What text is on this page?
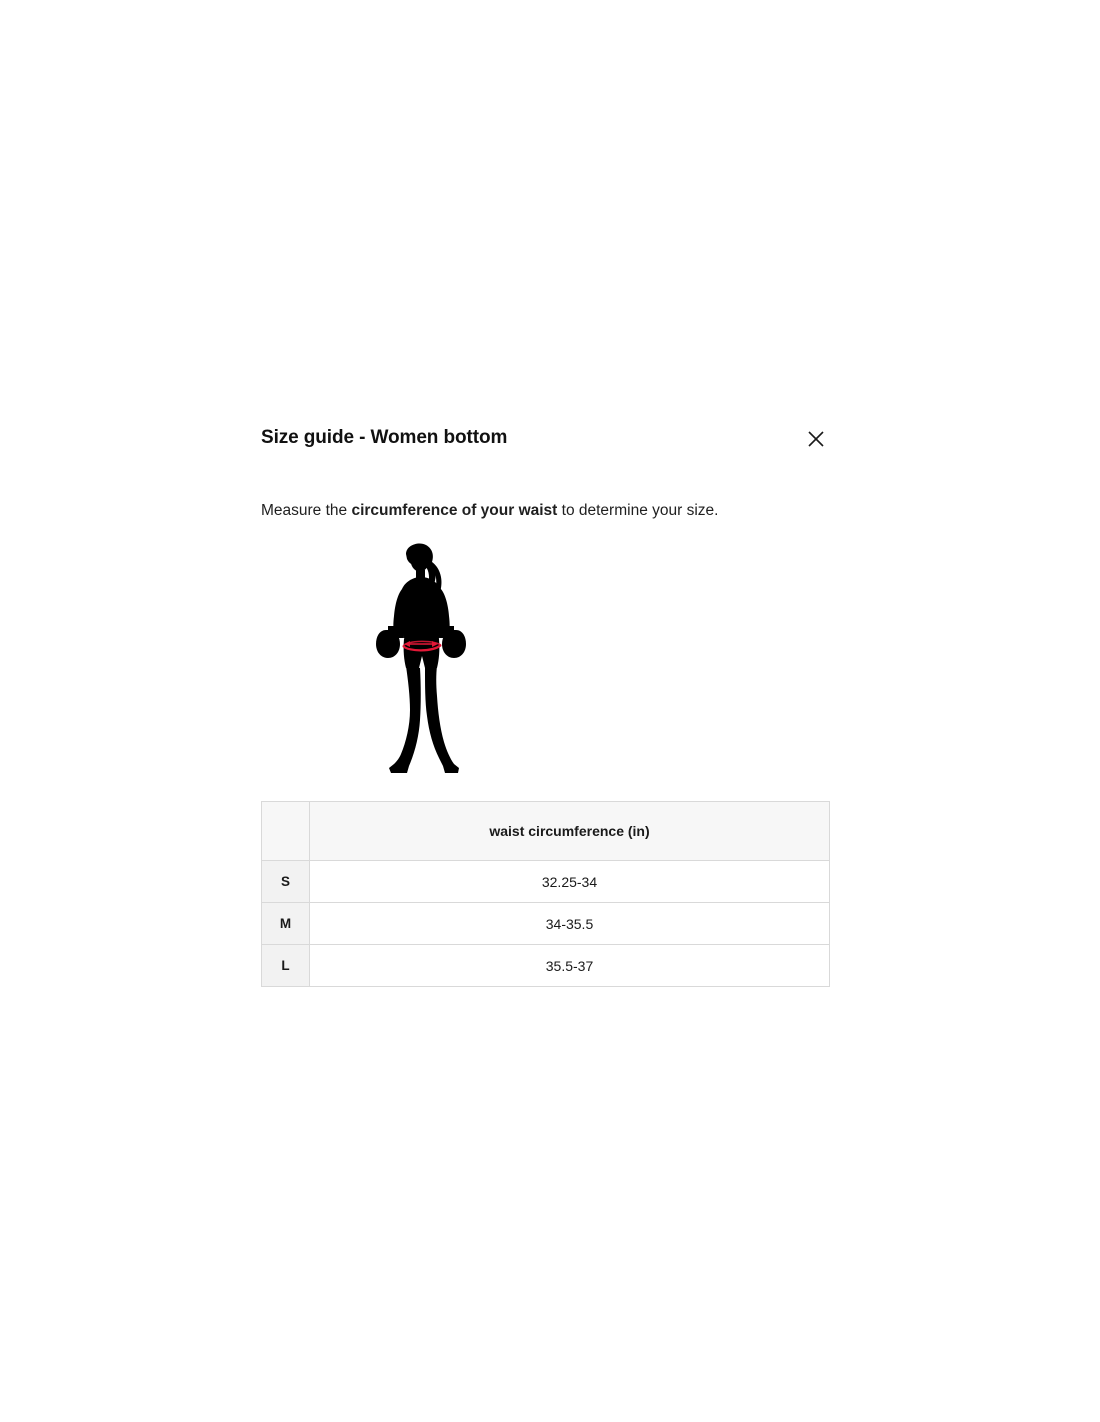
Size guide - Women bottom

Measure the circumference of your waist to determine your size.

	waist circumference (in)
S	32.25-34
M	34-35.5
L	35.5-37
